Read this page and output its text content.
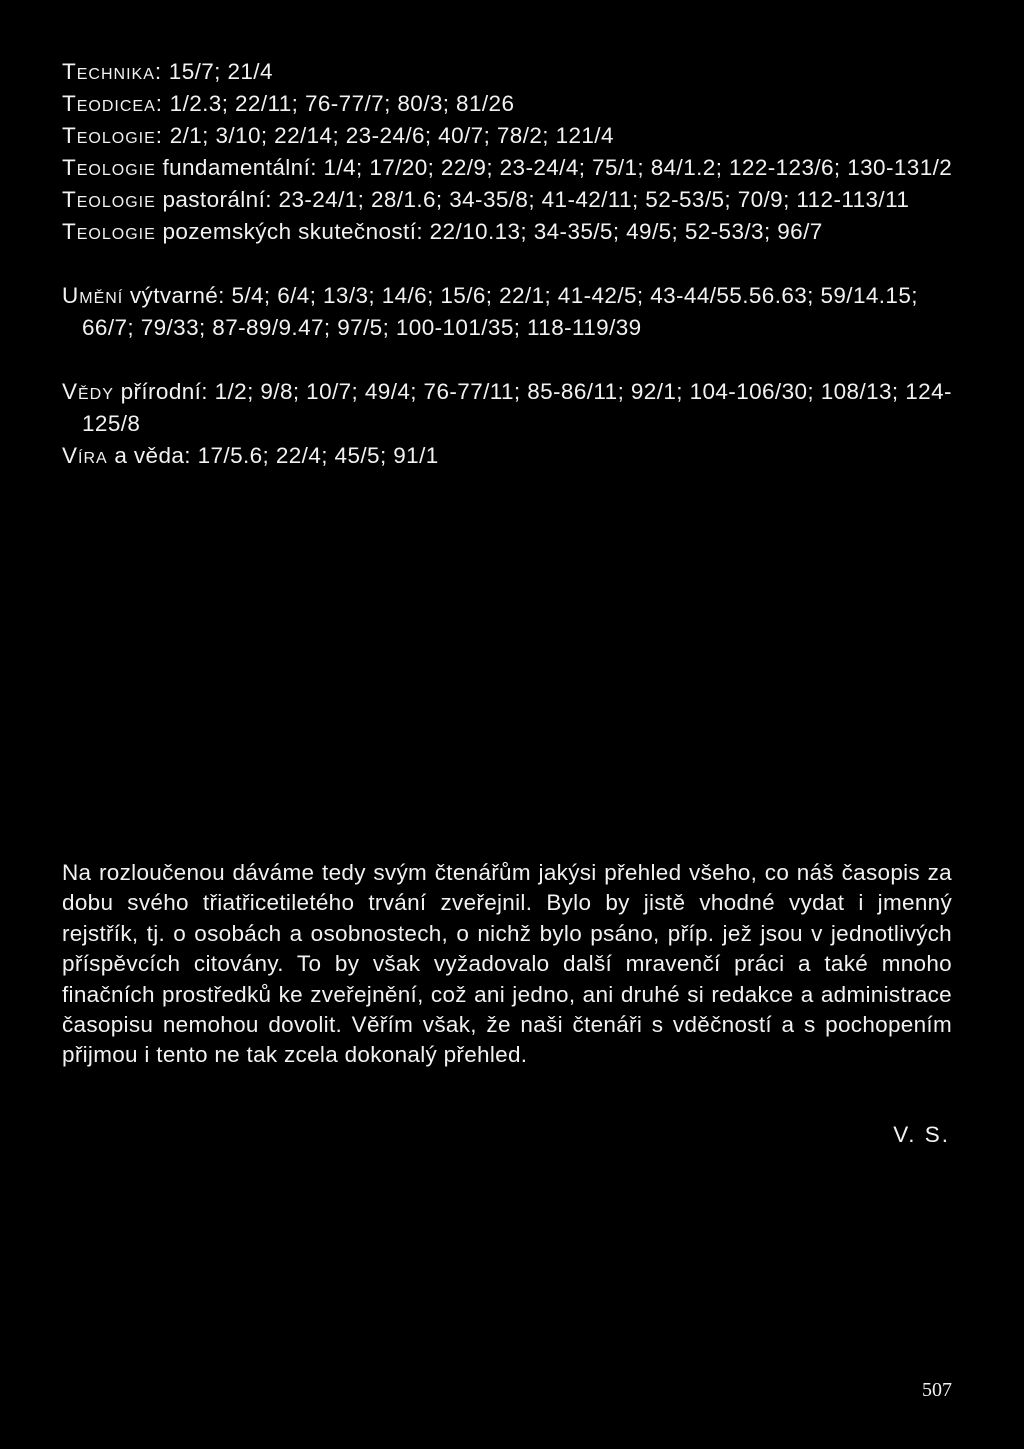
Technika: 15/7; 21/4

Teodicea: 1/2.3; 22/11; 76-77/7; 80/3; 81/26

Teologie: 2/1; 3/10; 22/14; 23-24/6; 40/7; 78/2; 121/4

Teologie fundamentální: 1/4; 17/20; 22/9; 23-24/4; 75/1; 84/1.2; 122-123/6; 130-131/2

Teologie pastorální: 23-24/1; 28/1.6; 34-35/8; 41-42/11; 52-53/5; 70/9; 112-113/11

Teologie pozemských skutečností: 22/10.13; 34-35/5; 49/5; 52-53/3; 96/7

Umění výtvarné: 5/4; 6/4; 13/3; 14/6; 15/6; 22/1; 41-42/5; 43-44/55.56.63; 59/14.15; 66/7; 79/33; 87-89/9.47; 97/5; 100-101/35; 118-119/39

Vědy přírodní: 1/2; 9/8; 10/7; 49/4; 76-77/11; 85-86/11; 92/1; 104-106/30; 108/13; 124-125/8

Víra a věda: 17/5.6; 22/4; 45/5; 91/1

Na rozloučenou dáváme tedy svým čtenářům jakýsi přehled všeho, co náš časopis za dobu svého třiatřicetiletého trvání zveřejnil. Bylo by jistě vhodné vydat i jmenný rejstřík, tj. o osobách a osobnostech, o nichž bylo psáno, příp. jež jsou v jednotlivých příspěvcích citovány. To by však vyžadovalo další mravenčí práci a také mnoho finačních prostředků ke zveřejnění, což ani jedno, ani druhé si redakce a administrace časopisu nemohou dovolit. Věřím však, že naši čtenáři s vděčností a s pochopením přijmou i tento ne tak zcela dokonalý přehled.

V. S.
507
